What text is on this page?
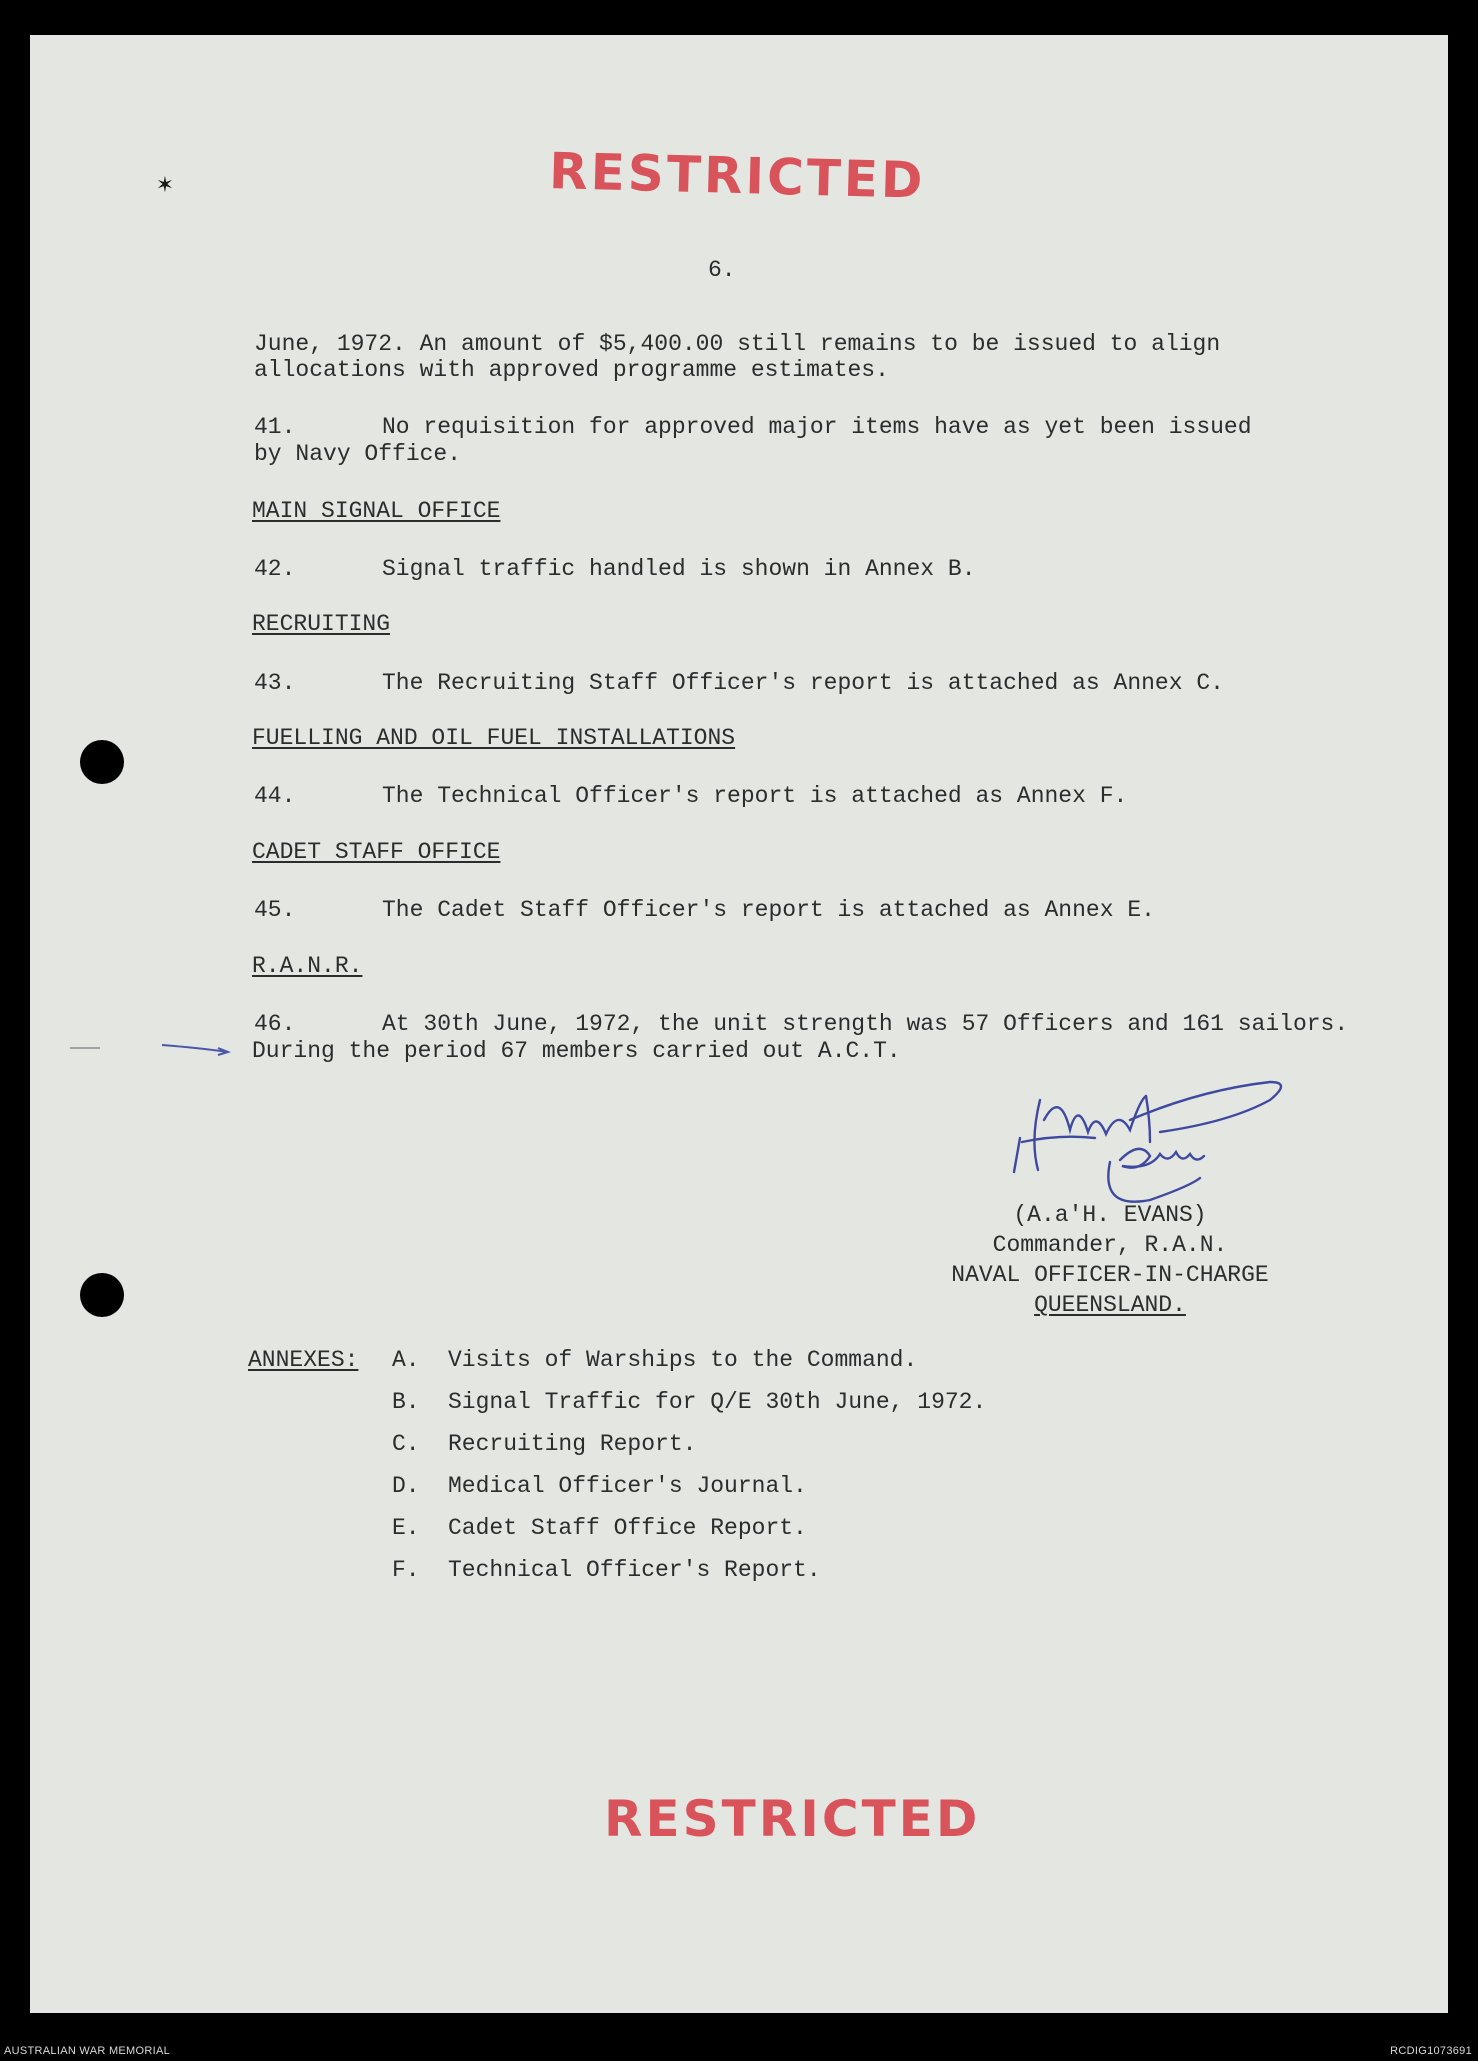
✶	RESTRICTED
6.
June, 1972. An amount of $5,400.00 still remains to be issued to align
allocations with approved programme estimates.
41.	No requisition for approved major items have as yet been issued
by Navy Office.
MAIN SIGNAL OFFICE
42.	Signal traffic handled is shown in Annex B.
RECRUITING
43.	The Recruiting Staff Officer's report is attached as Annex C.
FUELLING AND OIL FUEL INSTALLATIONS
44.	The Technical Officer's report is attached as Annex F.
CADET STAFF OFFICE
45.	The Cadet Staff Officer's report is attached as Annex E.
R.A.N.R.
46.	At 30th June, 1972, the unit strength was 57 Officers and 161 sailors.
During the period 67 members carried out A.C.T.
(A.a'H. EVANS)
Commander, R.A.N.
NAVAL OFFICER-IN-CHARGE
QUEENSLAND.
ANNEXES: A. Visits of Warships to the Command.
B. Signal Traffic for Q/E 30th June, 1972.
C. Recruiting Report.
D. Medical Officer's Journal.
E. Cadet Staff Office Report.
F. Technical Officer's Report.
RESTRICTED
AUSTRALIAN WAR MEMORIAL	RCDIG1073691
